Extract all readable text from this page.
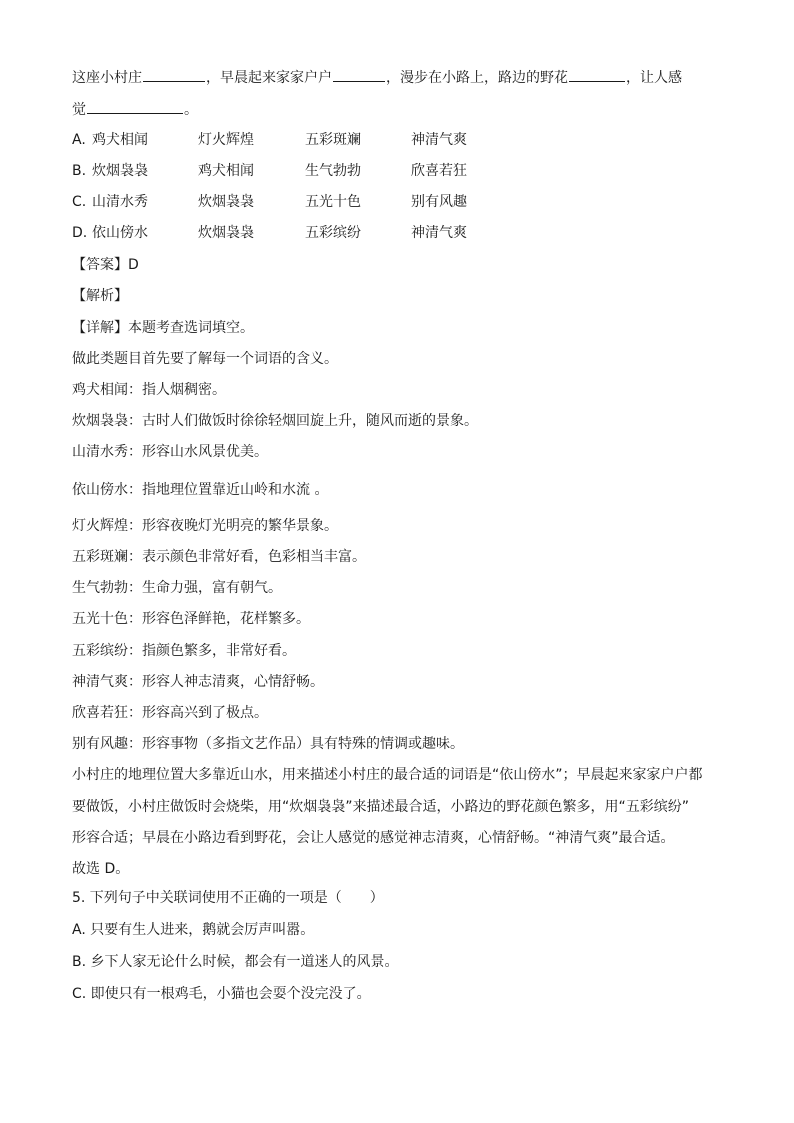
这座小村庄	，早晨起来家家户户	，漫步在小路上，路边的野花	，让人感
觉	。
A. 鸡犬相闻	灯火辉煌	五彩斑斓	神清气爽
B. 炊烟袅袅	鸡犬相闻	生气勃勃	欣喜若狂
C. 山清水秀	炊烟袅袅	五光十色	别有风趣
D. 依山傍水	炊烟袅袅	五彩缤纷	神清气爽
【答案】D
【解析】
【详解】本题考查选词填空。
做此类题目首先要了解每一个词语的含义。
鸡犬相闻：指人烟稠密。
炊烟袅袅：古时人们做饭时徐徐轻烟回旋上升，随风而逝的景象。
山清水秀：形容山水风景优美。
依山傍水：指地理位置靠近山岭和水流 。
灯火辉煌：形容夜晚灯光明亮的繁华景象。
五彩斑斓：表示颜色非常好看，色彩相当丰富。
生气勃勃：生命力强，富有朝气。
五光十色：形容色泽鲜艳，花样繁多。
五彩缤纷：指颜色繁多，非常好看。
神清气爽：形容人神志清爽，心情舒畅。
欣喜若狂：形容高兴到了极点。
别有风趣：形容事物（多指文艺作品）具有特殊的情调或趣味。
小村庄的地理位置大多靠近山水，用来描述小村庄的最合适的词语是“依山傍水”；早晨起来家家户户都
要做饭，小村庄做饭时会烧柴，用“炊烟袅袅”来描述最合适，小路边的野花颜色繁多，用“五彩缤纷”
形容合适；早晨在小路边看到野花，会让人感觉的感觉神志清爽，心情舒畅。“神清气爽”最合适。
故选 D。
5. 下列句子中关联词使用不正确的一项是（　　）
A. 只要有生人进来，鹅就会厉声叫嚣。
B. 乡下人家无论什么时候，都会有一道迷人的风景。
C. 即使只有一根鸡毛，小猫也会耍个没完没了。
